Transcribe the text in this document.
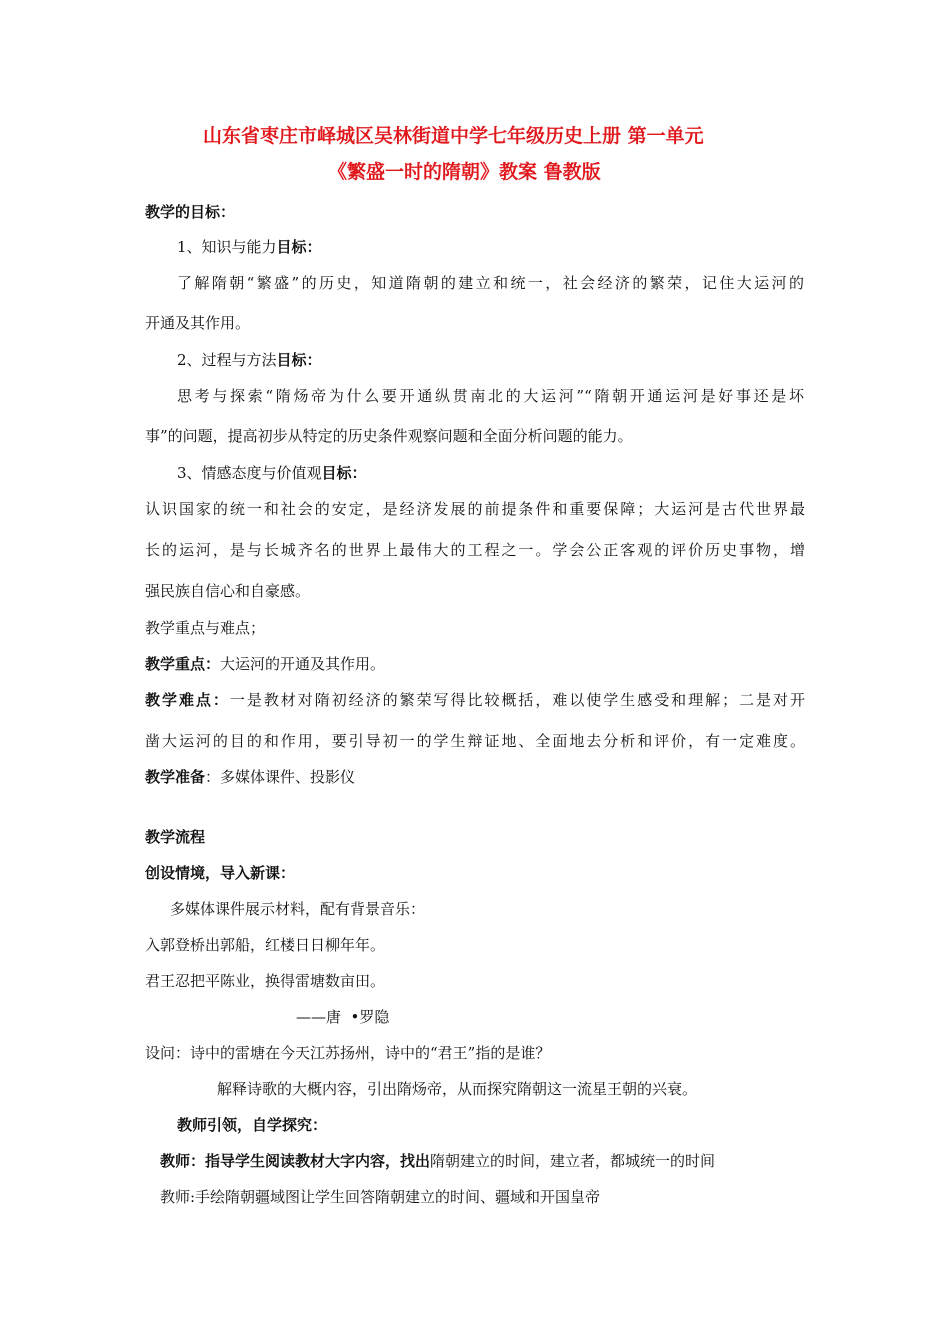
山东省枣庄市峄城区吴林街道中学七年级历史上册 第一单元

《繁盛一时的隋朝》教案 鲁教版

教学的目标：

1、知识与能力目标：

了解隋朝“繁盛”的历史，知道隋朝的建立和统一，社会经济的繁荣，记住大运河的

开通及其作用。

2、过程与方法目标：

思考与探索“隋炀帝为什么要开通纵贯南北的大运河”“隋朝开通运河是好事还是坏

事”的问题，提高初步从特定的历史条件观察问题和全面分析问题的能力。

3、情感态度与价值观目标：

认识国家的统一和社会的安定，是经济发展的前提条件和重要保障；大运河是古代世界最

长的运河，是与长城齐名的世界上最伟大的工程之一。学会公正客观的评价历史事物，增

强民族自信心和自豪感。

教学重点与难点；

教学重点：大运河的开通及其作用。

教学难点：一是教材对隋初经济的繁荣写得比较概括，难以使学生感受和理解；二是对开

凿大运河的目的和作用，要引导初一的学生辩证地、全面地去分析和评价，有一定难度。

教学准备：多媒体课件、投影仪

教学流程

创设情境，导入新课：

多媒体课件展示材料，配有背景音乐：

入郭登桥出郭船，红楼日日柳年年。

君王忍把平陈业，换得雷塘数亩田。

——唐  •罗隐

设问：诗中的雷塘在今天江苏扬州，诗中的“君王”指的是谁？

解释诗歌的大概内容，引出隋炀帝，从而探究隋朝这一流星王朝的兴衰。

教师引领，自学探究：

教师：指导学生阅读教材大字内容，找出隋朝建立的时间，建立者，都城统一的时间

教师:手绘隋朝疆域图让学生回答隋朝建立的时间、疆域和开国皇帝
